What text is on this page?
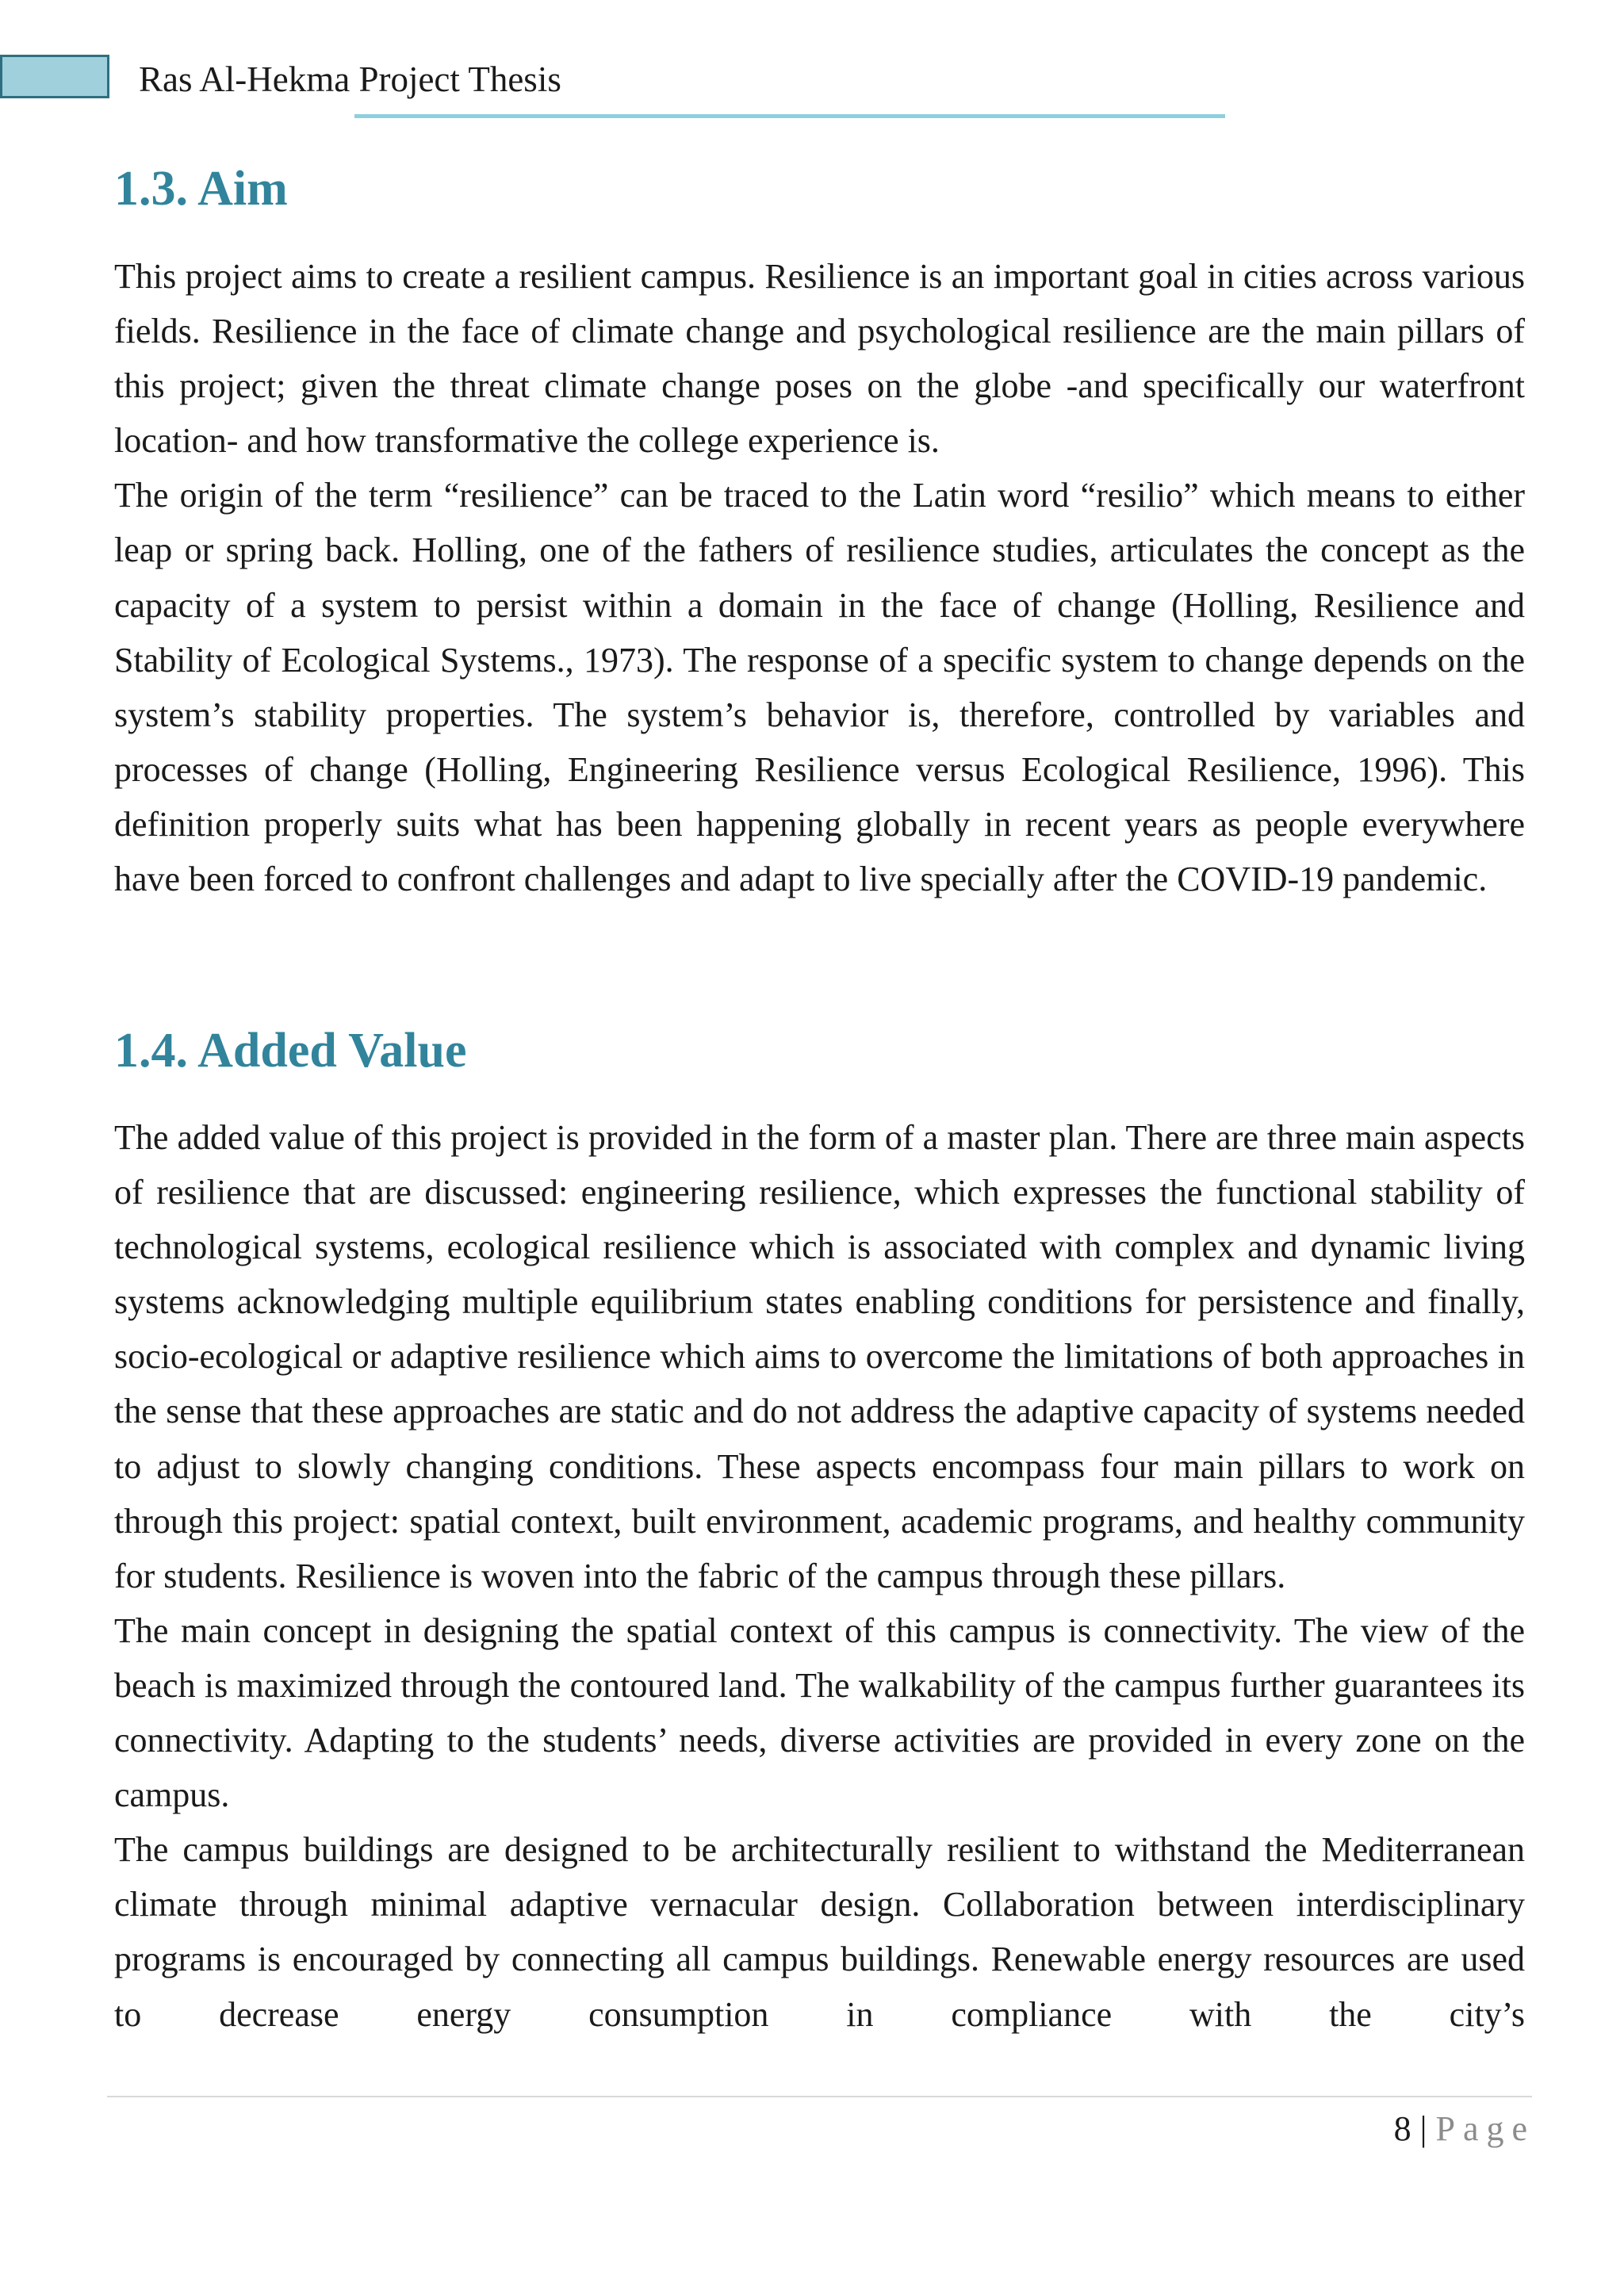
Ras Al-Hekma Project Thesis
1.3. Aim

This project aims to create a resilient campus. Resilience is an important goal in cities across various fields. Resilience in the face of climate change and psychological resilience are the main pillars of this project; given the threat climate change poses on the globe -and specifically our waterfront location- and how transformative the college experience is.

The origin of the term “resilience” can be traced to the Latin word “resilio” which means to either leap or spring back. Holling, one of the fathers of resilience studies, articulates the concept as the capacity of a system to persist within a domain in the face of change (Holling, Resilience and Stability of Ecological Systems., 1973). The response of a specific system to change depends on the system’s stability properties. The system’s behavior is, therefore, controlled by variables and processes of change (Holling, Engineering Resilience versus Ecological Resilience, 1996). This definition properly suits what has been happening globally in recent years as people everywhere have been forced to confront challenges and adapt to live specially after the COVID-19 pandemic.

1.4. Added Value

The added value of this project is provided in the form of a master plan. There are three main aspects of resilience that are discussed: engineering resilience, which expresses the functional stability of technological systems, ecological resilience which is associated with complex and dynamic living systems acknowledging multiple equilibrium states enabling conditions for persistence and finally, socio-ecological or adaptive resilience which aims to overcome the limitations of both approaches in the sense that these approaches are static and do not address the adaptive capacity of systems needed to adjust to slowly changing conditions. These aspects encompass four main pillars to work on through this project: spatial context, built environment, academic programs, and healthy community for students. Resilience is woven into the fabric of the campus through these pillars.

The main concept in designing the spatial context of this campus is connectivity. The view of the beach is maximized through the contoured land. The walkability of the campus further guarantees its connectivity. Adapting to the students’ needs, diverse activities are provided in every zone on the campus.

The campus buildings are designed to be architecturally resilient to withstand the Mediterranean climate through minimal adaptive vernacular design. Collaboration between interdisciplinary programs is encouraged by connecting all campus buildings. Renewable energy resources are used to decrease energy consumption in compliance with the city’s

8 | Page
